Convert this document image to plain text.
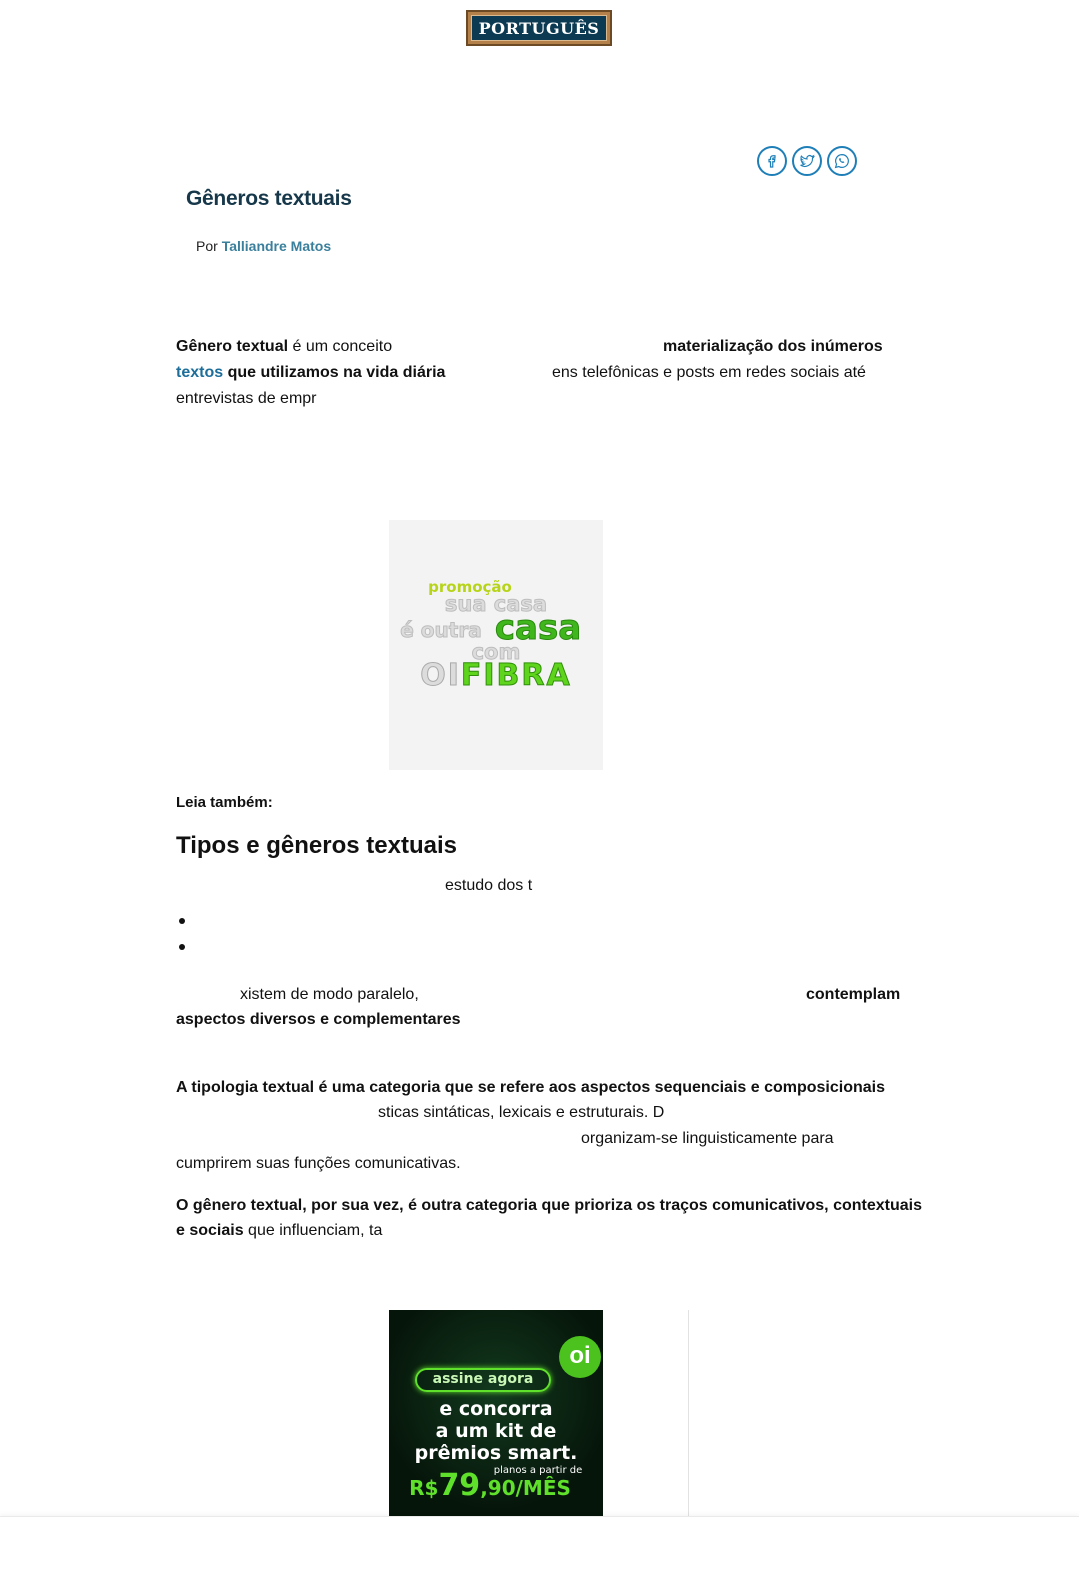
PORTUGUÊS
Gêneros textuais
Por Talliandre Matos
Gênero textual é um conceito	materialização dos inúmeros
textos que utilizamos na vida diária	ens telefônicas e posts em redes sociais até
entrevistas de empr
promoção
sua casa
é outra casa
com
OIFIBRA
Leia também:
Tipos e gêneros textuais
estudo dos t
xistem de modo paralelo,	contemplam
aspectos diversos e complementares
A tipologia textual é uma categoria que se refere aos aspectos sequenciais e composicionais
sticas sintáticas, lexicais e estruturais. D
organizam-se linguisticamente para
cumprirem suas funções comunicativas.
O gênero textual, por sua vez, é outra categoria que prioriza os traços comunicativos, contextuais
e sociais que influenciam, ta
oi
assine agora
e concorra
a um kit de
prêmios smart.
planos a partir de
R$79,90/MÊS
